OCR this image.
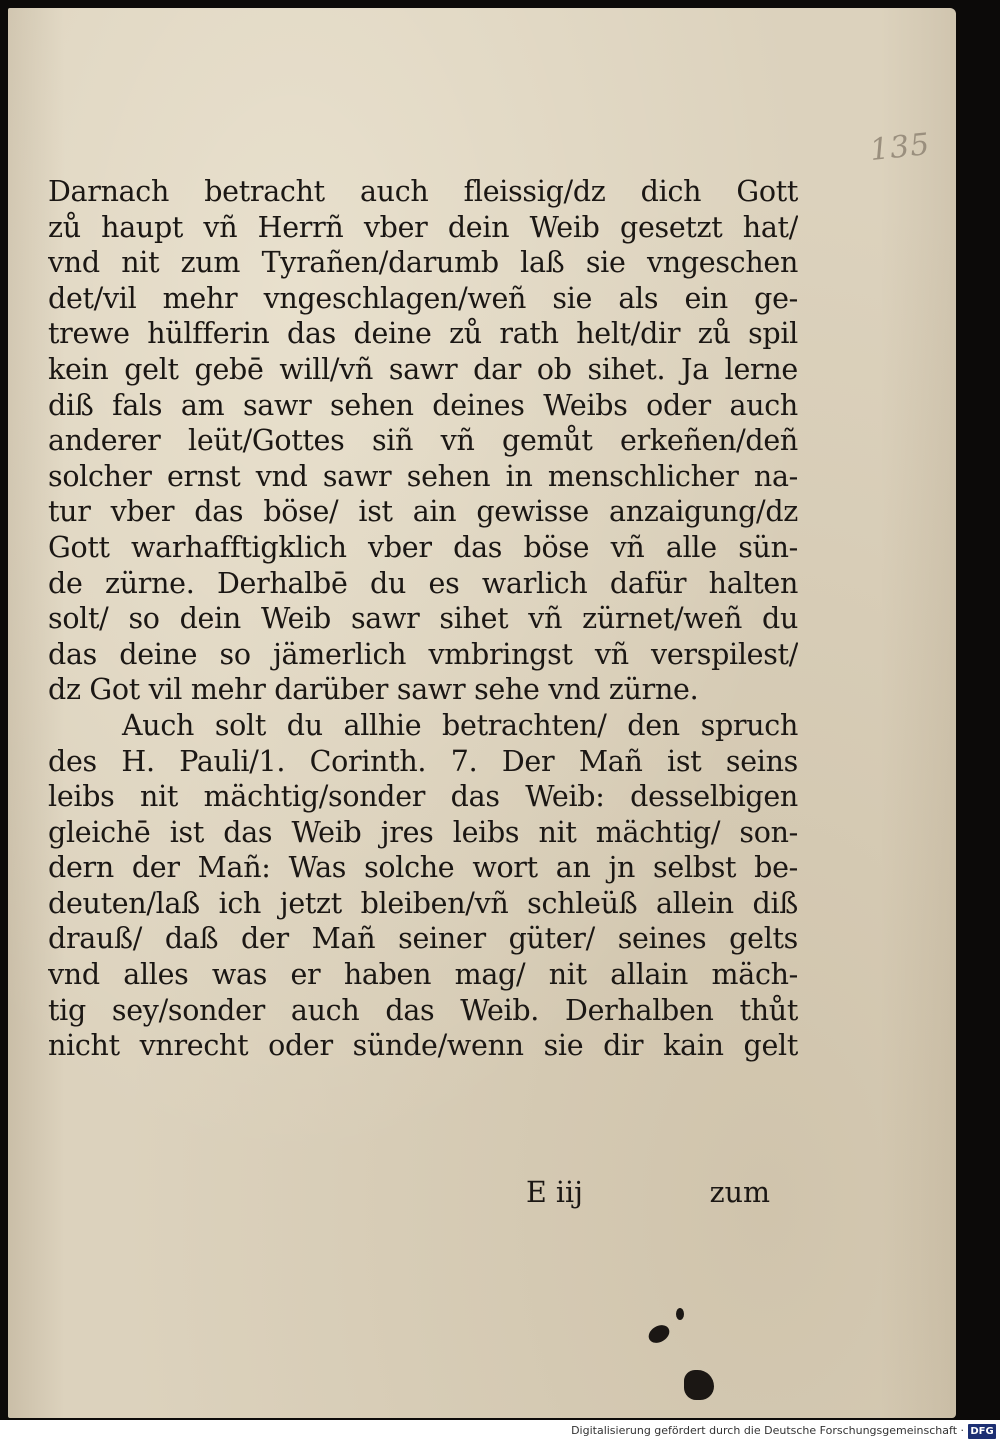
135
Darnach betracht auch fleissig/dz dich Gott
zů haupt vñ Herrñ vber dein Weib gesetzt hat/
vnd nit zum Tyrañen/darumb laß sie vngeschen
det/vil mehr vngeschlagen/weñ sie als ein ge-
trewe hülfferin das deine zů rath helt/dir zů spil
kein gelt gebē will/vñ sawr dar ob sihet. Ja lerne
diß fals am sawr sehen deines Weibs oder auch
anderer leüt/Gottes siñ vñ gemůt erkeñen/deñ
solcher ernst vnd sawr sehen in menschlicher na-
tur vber das böse/ ist ain gewisse anzaigung/dz
Gott warhafftigklich vber das böse vñ alle sün-
de zürne. Derhalbē du es warlich dafür halten
solt/ so dein Weib sawr sihet vñ zürnet/weñ du
das deine so jämerlich vmbringst vñ verspilest/
dz Got vil mehr darüber sawr sehe vnd zürne.
Auch solt du allhie betrachten/ den spruch
des H. Pauli/1. Corinth. 7. Der Mañ ist seins
leibs nit mächtig/sonder das Weib: desselbigen
gleichē ist das Weib jres leibs nit mächtig/ son-
dern der Mañ: Was solche wort an jn selbst be-
deuten/laß ich jetzt bleiben/vñ schleüß allein diß
drauß/ daß der Mañ seiner güter/ seines gelts
vnd alles was er haben mag/ nit allain mäch-
tig sey/sonder auch das Weib. Derhalben thůt
nicht vnrecht oder sünde/wenn sie dir kain gelt
E iij	zum
Digitalisierung gefördert durch die Deutsche Forschungsgemeinschaft · DFG
